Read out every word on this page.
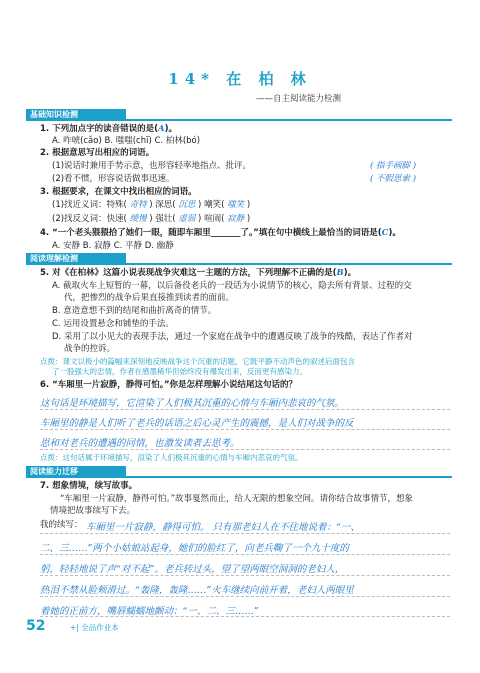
14* 在 柏 林
——自主阅读能力检测
基础知识检测
1. 下列加点字的读音错误的是(A)。
A. 咋唬(cǎo) B. 嗤嗤(chī) C. 柏林(bó)
2. 根据意思写出相应的词语。
(1)说话时兼用手势示意，也形容轻率地指点、批评。	( 指手画脚 )
(2)看不惯，形容说话做事迅速。	( 不假思索 )
3. 根据要求，在课文中找出相应的词语。
(1)找近义词：特殊( 奇特 ) 深思( 沉思 ) 嘲笑( 嗤笑 )
(2)找反义词：快速( 缓慢 ) 强壮( 虚弱 ) 喧闹( 寂静 )
4. “一个老头猥猥拾了她们一眼，随即车厢里_______了。”填在句中横线上最恰当的词语是(C)。
A. 安静 B. 寂静 C. 平静 D. 幽静
阅读理解检测
5. 对《在柏林》这篇小说表现战争灾难这一主题的方法，下列理解不正确的是(B)。
A. 截取火车上短暂的一幕，以后备役老兵的一段话为小说情节的核心，隐去所有背景、过程的交
代，把惨烈的战争后果直接推到读者的面前。
B. 意造意想不到的结尾和曲折离奇的情节。
C. 运用设置悬念和铺垫的手法。
D. 采用了以小见大的表现手法，通过一个家庭在战争中的遭遇反映了战争的残酷，表达了作者对
战争的控诉。
点拨：课文以极小的篇幅来深刻地反映战争这个沉重的话题，它既平静不动声色的叙述后面包含
了一股强大的忠情，作者在感墨稀华但始终没有爆发出来，反而更有感染力。
6. “车厢里一片寂静，静得可怕。”你是怎样理解小说结尾这句话的？
这句话是环境描写，它渲染了人们极其沉重的心情与车厢内悲哀的气氛。
车厢里的静是人们听了老兵的话语之后心灵产生的震撼，是人们对战争的反
思和对老兵的遭遇的同情，也激发读者去思考。
点拨：这句话属于环境描写，渲染了人们极其沉重的心情与车厢内悲哀的气氛。
阅读能力迁移
7. 想象情境，续写故事。
“车厢里一片寂静，静得可怕。”故事戛然而止，给人无限的想象空间。请你结合故事情节，想象
情境把故事续写下去。
我的续写： 车厢里一片寂静，静得可怕。 只有那老妇人在不住地说着：“一、
二、三……”两个小姑娘站起身，她们的脸红了，向老兵鞠了一个九十度的
躬，轻轻地说了声“对不起”。老兵转过头，望了望两眼空洞洞的老妇人，
热泪不禁从脸颊滑过。“轰隆，轰隆……”火车继续向前开着，老妇人两眼里
着她的正前方，嘴唇蠕蠕地颤动：“一、二、三……”
52	+| 全品作业本
